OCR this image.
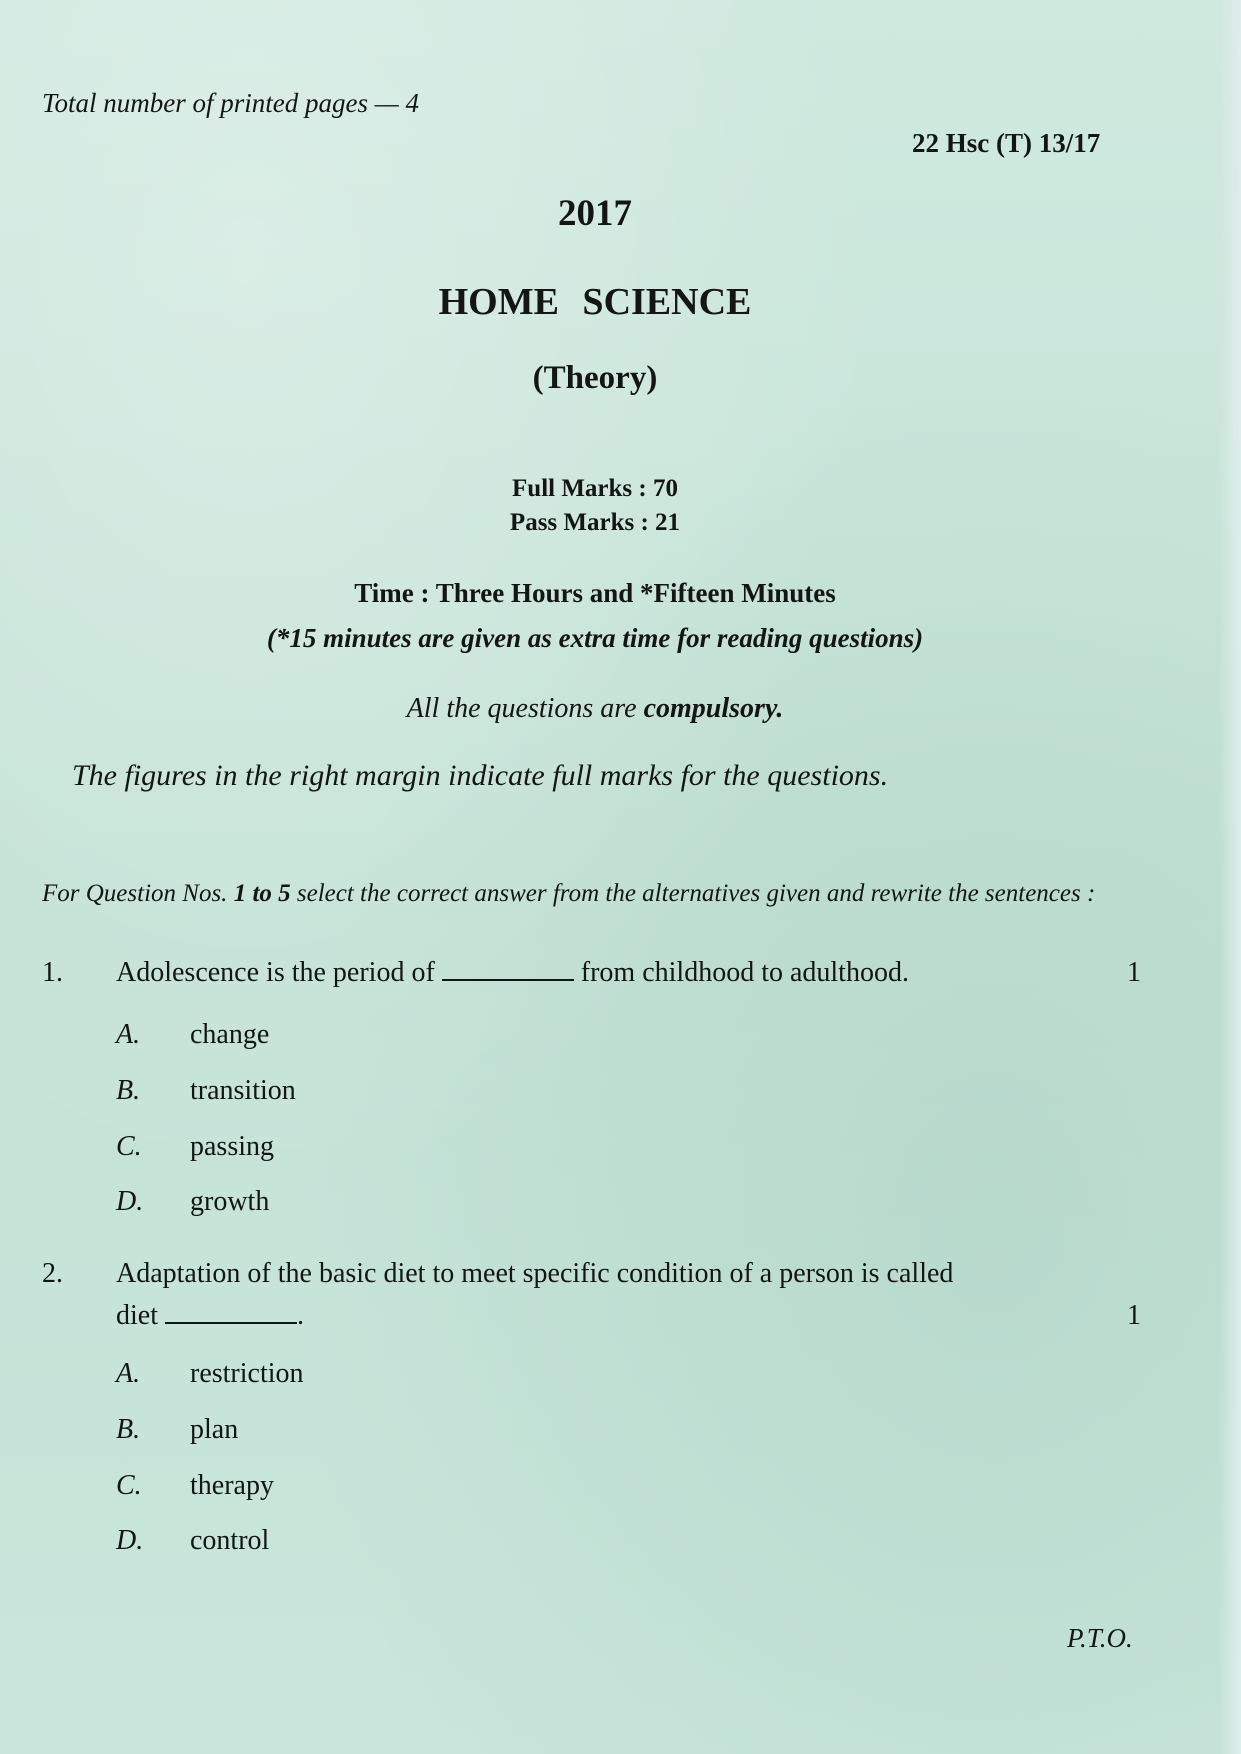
Total number of printed pages — 4
22 Hsc (T) 13/17
2017
HOME SCIENCE
(Theory)
Full Marks : 70
Pass Marks : 21
Time : Three Hours and *Fifteen Minutes
(*15 minutes are given as extra time for reading questions)
All the questions are compulsory.
The figures in the right margin indicate full marks for the questions.
For Question Nos. 1 to 5 select the correct answer from the alternatives given and rewrite the sentences :
1. Adolescence is the period of	from childhood to adulthood.	1
A. change
B. transition
C. passing
D. growth
2. Adaptation of the basic diet to meet specific condition of a person is called
diet	.	1
A. restriction
B. plan
C. therapy
D. control
P.T.O.
